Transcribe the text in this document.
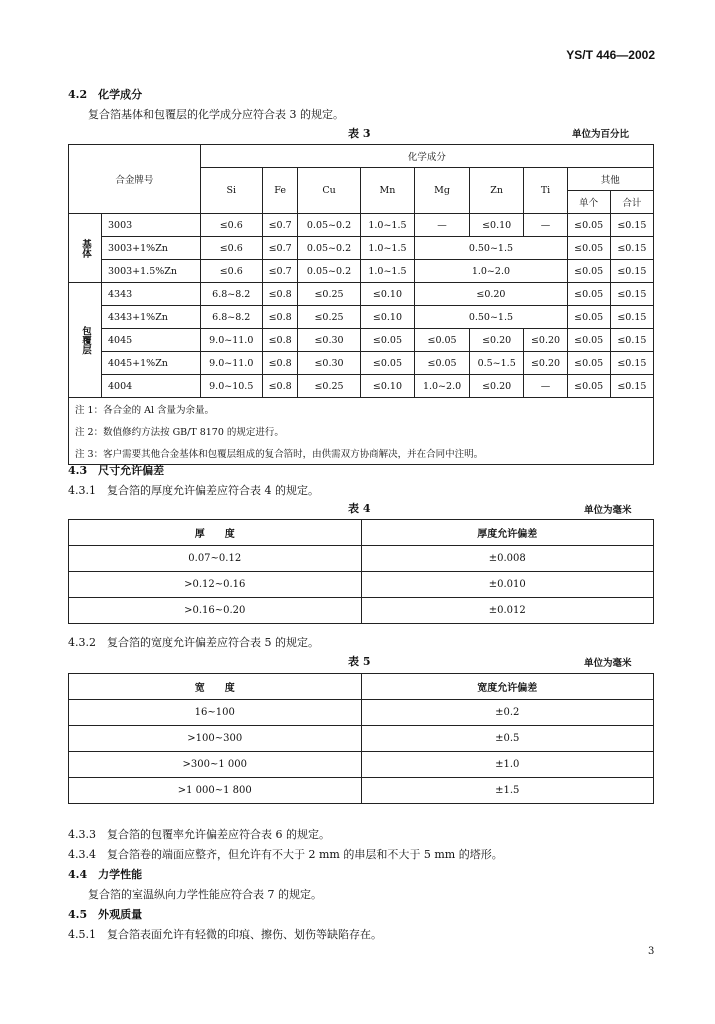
YS/T 446—2002
4.2　 化学成分
复合箔基体和包覆层的化学成分应符合表 3 的规定。
表 3	单位为百分比
合金牌号		化学成分								
		Si	Fe	Cu	Mn	Mg	Zn	Ti	其他	
									单个	合计
基体	3003	≤0.6	≤0.7	0.05~0.2	1.0~1.5	—	≤0.10	—	≤0.05	≤0.15
	3003+1%Zn	≤0.6	≤0.7	0.05~0.2	1.0~1.5	0.50~1.5			≤0.05	≤0.15
	3003+1.5%Zn	≤0.6	≤0.7	0.05~0.2	1.0~1.5	1.0~2.0			≤0.05	≤0.15
包覆层	4343	6.8~8.2	≤0.8	≤0.25	≤0.10	≤0.20			≤0.05	≤0.15
	4343+1%Zn	6.8~8.2	≤0.8	≤0.25	≤0.10	0.50~1.5			≤0.05	≤0.15
	4045	9.0~11.0	≤0.8	≤0.30	≤0.05	≤0.05	≤0.20	≤0.20	≤0.05	≤0.15
	4045+1%Zn	9.0~11.0	≤0.8	≤0.30	≤0.05	≤0.05	0.5~1.5	≤0.20	≤0.05	≤0.15
	4004	9.0~10.5	≤0.8	≤0.25	≤0.10	1.0~2.0	≤0.20	—	≤0.05	≤0.15
注 1：各合金的 Al 含量为余量。										
注 2：数值修约方法按 GB/T 8170 的规定进行。										
注 3：客户需要其他合金基体和包覆层组成的复合箔时，由供需双方协商解决，并在合同中注明。										
4.3　 尺寸允许偏差
4.3.1　 复合箔的厚度允许偏差应符合表 4 的规定。
表 4	单位为毫米
厚　　度	厚度允许偏差
0.07~0.12	±0.008
>0.12~0.16	±0.010
>0.16~0.20	±0.012
4.3.2　 复合箔的宽度允许偏差应符合表 5 的规定。
表 5	单位为毫米
宽　　度	宽度允许偏差
16~100	±0.2
>100~300	±0.5
>300~1 000	±1.0
>1 000~1 800	±1.5
4.3.3　 复合箔的包覆率允许偏差应符合表 6 的规定。
4.3.4　 复合箔卷的端面应整齐，但允许有不大于 2 mm 的串层和不大于 5 mm 的塔形。
4.4　 力学性能
复合箔的室温纵向力学性能应符合表 7 的规定。
4.5　 外观质量
4.5.1　 复合箔表面允许有轻微的印痕、擦伤、划伤等缺陷存在。
3
